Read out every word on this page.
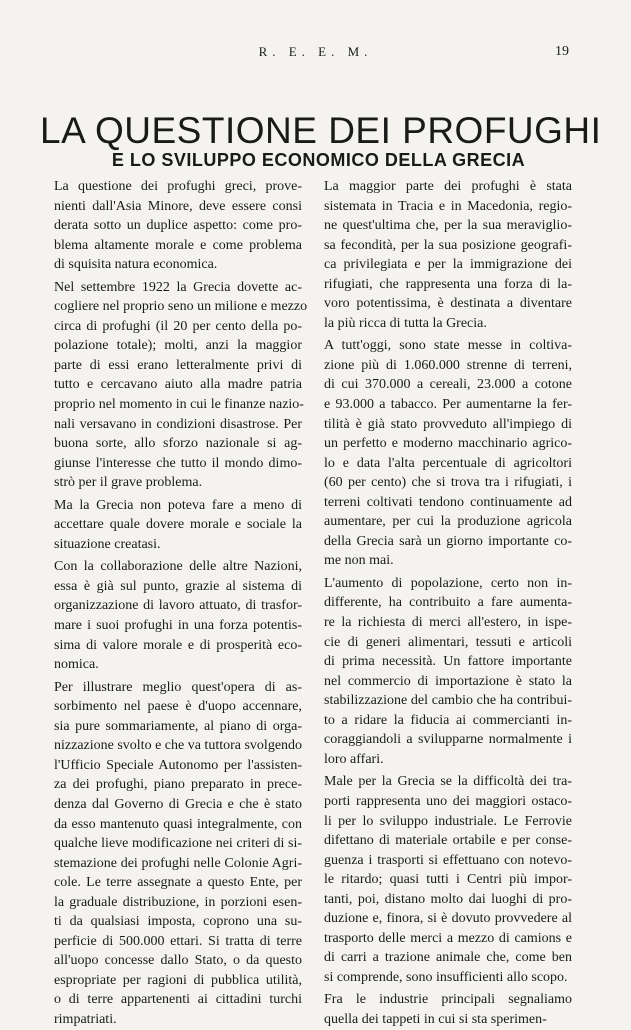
R. E. E. M.	19
LA QUESTIONE DEI PROFUGHI
E LO SVILUPPO ECONOMICO DELLA GRECIA

La questione dei profughi greci, prove-
nienti dall'Asia Minore, deve essere consi
derata sotto un duplice aspetto: come pro-
blema altamente morale e come problema
di squisita natura economica.

Nel settembre 1922 la Grecia dovette ac-
cogliere nel proprio seno un milione e mezzo
circa di profughi (il 20 per cento della po-
polazione totale); molti, anzi la maggior
parte di essi erano letteralmente privi di
tutto e cercavano aiuto alla madre patria
proprio nel momento in cui le finanze nazio-
nali versavano in condizioni disastrose. Per
buona sorte, allo sforzo nazionale si ag-
giunse l'interesse che tutto il mondo dimo-
strò per il grave problema.

Ma la Grecia non poteva fare a meno di
accettare quale dovere morale e sociale la
situazione creatasi.

Con la collaborazione delle altre Nazioni,
essa è già sul punto, grazie al sistema di
organizzazione di lavoro attuato, di trasfor-
mare i suoi profughi in una forza potentis-
sima di valore morale e di prosperità eco-
nomica.

Per illustrare meglio quest'opera di as-
sorbimento nel paese è d'uopo accennare,
sia pure sommariamente, al piano di orga-
nizzazione svolto e che va tuttora svolgendo
l'Ufficio Speciale Autonomo per l'assisten-
za dei profughi, piano preparato in prece-
denza dal Governo di Grecia e che è stato
da esso mantenuto quasi integralmente, con
qualche lieve modificazione nei criteri di si-
stemazione dei profughi nelle Colonie Agri-
cole. Le terre assegnate a questo Ente, per
la graduale distribuzione, in porzioni esen-
ti da qualsiasi imposta, coprono una su-
perficie di 500.000 ettari. Si tratta di terre
all'uopo concesse dallo Stato, o da questo
espropriate per ragioni di pubblica utilità,
o di terre appartenenti ai cittadini turchi
rimpatriati.

La maggior parte dei profughi è stata
sistemata in Tracia e in Macedonia, regio-
ne quest'ultima che, per la sua meraviglio-
sa fecondità, per la sua posizione geografi-
ca privilegiata e per la immigrazione dei
rifugiati, che rappresenta una forza di la-
voro potentissima, è destinata a diventare
la più ricca di tutta la Grecia.

A tutt'oggi, sono state messe in coltiva-
zione più di 1.060.000 strenne di terreni,
di cui 370.000 a cereali, 23.000 a cotone
e 93.000 a tabacco. Per aumentarne la fer-
tilità è già stato provveduto all'impiego di
un perfetto e moderno macchinario agrico-
lo e data l'alta percentuale di agricoltori
(60 per cento) che si trova tra i rifugiati, i
terreni coltivati tendono continuamente ad
aumentare, per cui la produzione agricola
della Grecia sarà un giorno importante co-
me non mai.

L'aumento di popolazione, certo non in-
differente, ha contribuito a fare aumenta-
re la richiesta di merci all'estero, in ispe-
cie di generi alimentari, tessuti e articoli
di prima necessità. Un fattore importante
nel commercio di importazione è stato la
stabilizzazione del cambio che ha contribui-
to a ridare la fiducia ai commercianti in-
coraggiandoli a svilupparne normalmente i
loro affari.

Male per la Grecia se la difficoltà dei tra-
porti rappresenta uno dei maggiori ostaco-
li per lo sviluppo industriale. Le Ferrovie
difettano di materiale ortabile e per conse-
guenza i trasporti si effettuano con notevo-
le ritardo; quasi tutti i Centri più impor-
tanti, poi, distano molto dai luoghi di pro-
duzione e, finora, si è dovuto provvedere al
trasporto delle merci a mezzo di camions e
di carri a trazione animale che, come ben
si comprende, sono insufficienti allo scopo.

Fra le industrie principali segnaliamo
quella dei tappeti in cui si sta sperimen-
